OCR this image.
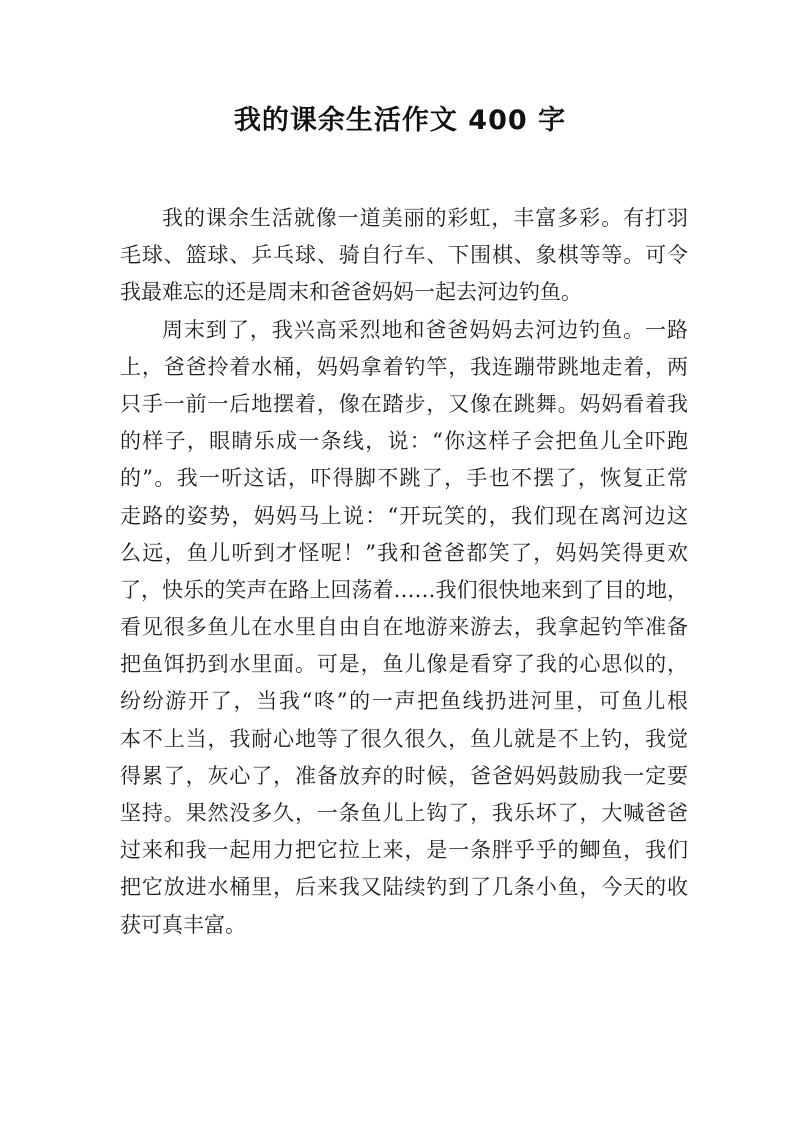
我的课余生活作文 400 字
我的课余生活就像一道美丽的彩虹，丰富多彩。有打羽
毛球、篮球、乒乓球、骑自行车、下围棋、象棋等等。可令
我最难忘的还是周末和爸爸妈妈一起去河边钓鱼。
周末到了，我兴高采烈地和爸爸妈妈去河边钓鱼。一路
上，爸爸拎着水桶，妈妈拿着钓竿，我连蹦带跳地走着，两
只手一前一后地摆着，像在踏步，又像在跳舞。妈妈看着我
的样子，眼睛乐成一条线，说：“你这样子会把鱼儿全吓跑
的”。我一听这话，吓得脚不跳了，手也不摆了，恢复正常
走路的姿势，妈妈马上说：“开玩笑的，我们现在离河边这
么远，鱼儿听到才怪呢！”我和爸爸都笑了，妈妈笑得更欢
了，快乐的笑声在路上回荡着……我们很快地来到了目的地，
看见很多鱼儿在水里自由自在地游来游去，我拿起钓竿准备
把鱼饵扔到水里面。可是，鱼儿像是看穿了我的心思似的，
纷纷游开了，当我“咚”的一声把鱼线扔进河里，可鱼儿根
本不上当，我耐心地等了很久很久，鱼儿就是不上钓，我觉
得累了，灰心了，准备放弃的时候，爸爸妈妈鼓励我一定要
坚持。果然没多久，一条鱼儿上钩了，我乐坏了，大喊爸爸
过来和我一起用力把它拉上来，是一条胖乎乎的鲫鱼，我们
把它放进水桶里，后来我又陆续钓到了几条小鱼，今天的收
获可真丰富。
